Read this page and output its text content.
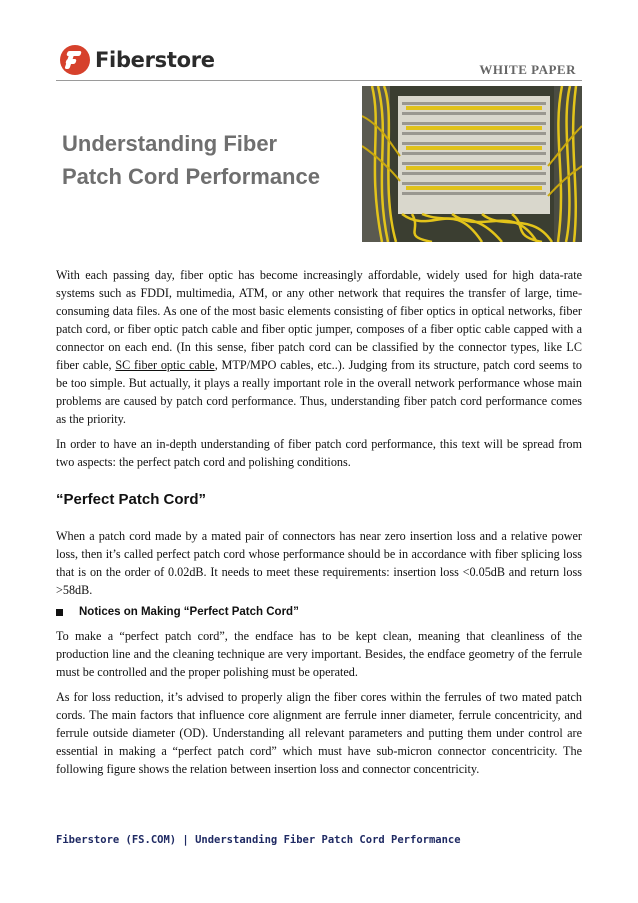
Fiberstore	WHITE PAPER
Understanding Fiber Patch Cord Performance

With each passing day, fiber optic has become increasingly affordable, widely used for high data-rate systems such as FDDI, multimedia, ATM, or any other network that requires the transfer of large, time-consuming data files. As one of the most basic elements consisting of fiber optics in optical networks, fiber patch cord, or fiber optic patch cable and fiber optic jumper, composes of a fiber optic cable capped with a connector on each end. (In this sense, fiber patch cord can be classified by the connector types, like LC fiber cable, SC fiber optic cable, MTP/MPO cables, etc..). Judging from its structure, patch cord seems to be too simple. But actually, it plays a really important role in the overall network performance whose main problems are caused by patch cord performance. Thus, understanding fiber patch cord performance comes as the priority.

In order to have an in-depth understanding of fiber patch cord performance, this text will be spread from two aspects: the perfect patch cord and polishing conditions.

“Perfect Patch Cord”

When a patch cord made by a mated pair of connectors has near zero insertion loss and a relative power loss, then it’s called perfect patch cord whose performance should be in accordance with fiber splicing loss that is on the order of 0.02dB. It needs to meet these requirements: insertion loss <0.05dB and return loss >58dB.

Notices on Making “Perfect Patch Cord”

To make a “perfect patch cord”, the endface has to be kept clean, meaning that cleanliness of the production line and the cleaning technique are very important. Besides, the endface geometry of the ferrule must be controlled and the proper polishing must be operated.

As for loss reduction, it’s advised to properly align the fiber cores within the ferrules of two mated patch cords. The main factors that influence core alignment are ferrule inner diameter, ferrule concentricity, and ferrule outside diameter (OD). Understanding all relevant parameters and putting them under control are essential in making a “perfect patch cord” which must have sub-micron connector concentricity. The following figure shows the relation between insertion loss and connector concentricity.

Fiberstore (FS.COM) | Understanding Fiber Patch Cord Performance
